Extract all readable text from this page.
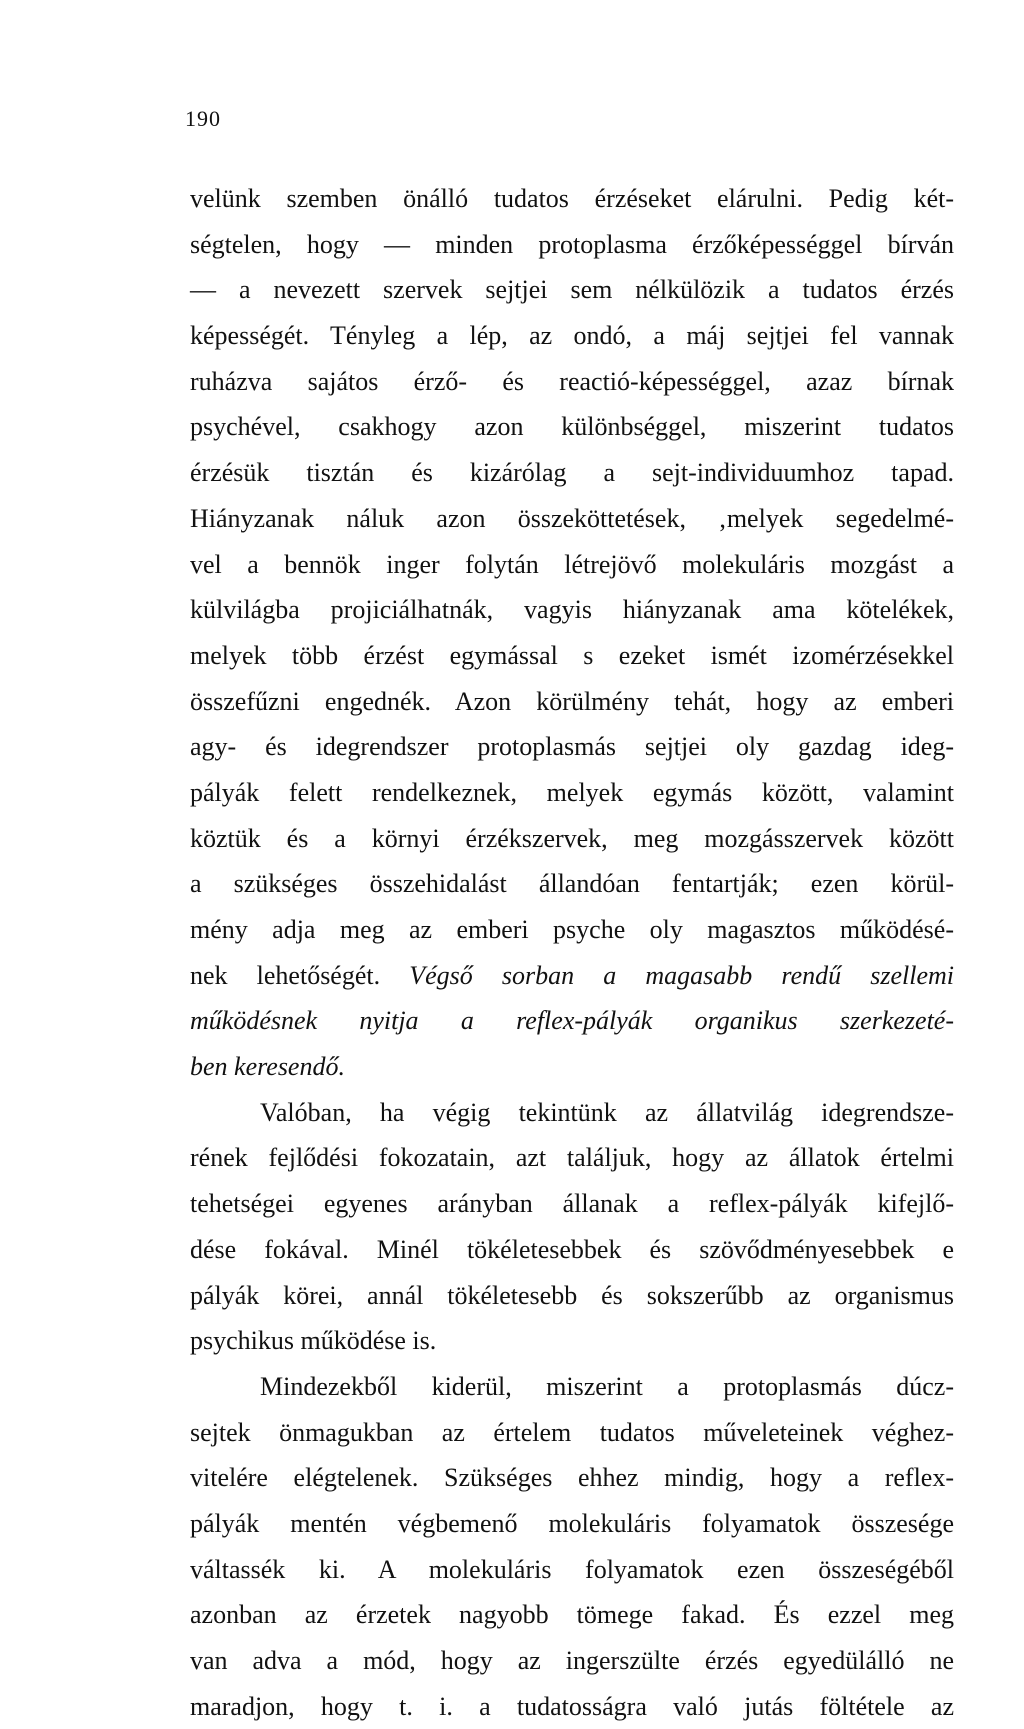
190
velünk szemben önálló tudatos érzéseket elárulni. Pedig két-
ségtelen, hogy — minden protoplasma érzőképességgel bírván
— a nevezett szervek sejtjei sem nélkülözik a tudatos érzés
képességét. Tényleg a lép, az ondó, a máj sejtjei fel vannak
ruházva sajátos érző- és reactió-képességgel, azaz bírnak
psychével, csakhogy azon különbséggel, miszerint tudatos
érzésük tisztán és kizárólag a sejt-individuumhoz tapad.
Hiányzanak náluk azon összeköttetések, ‚melyek segedelmé-
vel a bennök inger folytán létrejövő molekuláris mozgást a
külvilágba projiciálhatnák, vagyis hiányzanak ama kötelékek,
melyek több érzést egymással s ezeket ismét izomérzésekkel
összefűzni engednék. Azon körülmény tehát, hogy az emberi
agy- és idegrendszer protoplasmás sejtjei oly gazdag ideg-
pályák felett rendelkeznek, melyek egymás között, valamint
köztük és a környi érzékszervek, meg mozgásszervek között
a szükséges összehidalást állandóan fentartják; ezen körül-
mény adja meg az emberi psyche oly magasztos működésé-
nek lehetőségét. Végső sorban a magasabb rendű szellemi
működésnek nyitja a reflex-pályák organikus szerkezeté-
ben keresendő.
Valóban, ha végig tekintünk az állatvilág idegrendsze-
rének fejlődési fokozatain, azt találjuk, hogy az állatok értelmi
tehetségei egyenes arányban állanak a reflex-pályák kifejlő-
dése fokával. Minél tökéletesebbek és szövődményesebbek e
pályák körei, annál tökéletesebb és sokszerűbb az organismus
psychikus működése is.
Mindezekből kiderül, miszerint a protoplasmás dúcz-
sejtek önmagukban az értelem tudatos műveleteinek véghez-
vitelére elégtelenek. Szükséges ehhez mindig, hogy a reflex-
pályák mentén végbemenő molekuláris folyamatok összesége
váltassék ki. A molekuláris folyamatok ezen összeségéből
azonban az érzetek nagyobb tömege fakad. És ezzel meg
van adva a mód, hogy az ingerszülte érzés egyedülálló ne
maradjon, hogy t. i. a tudatosságra való jutás föltétele az
